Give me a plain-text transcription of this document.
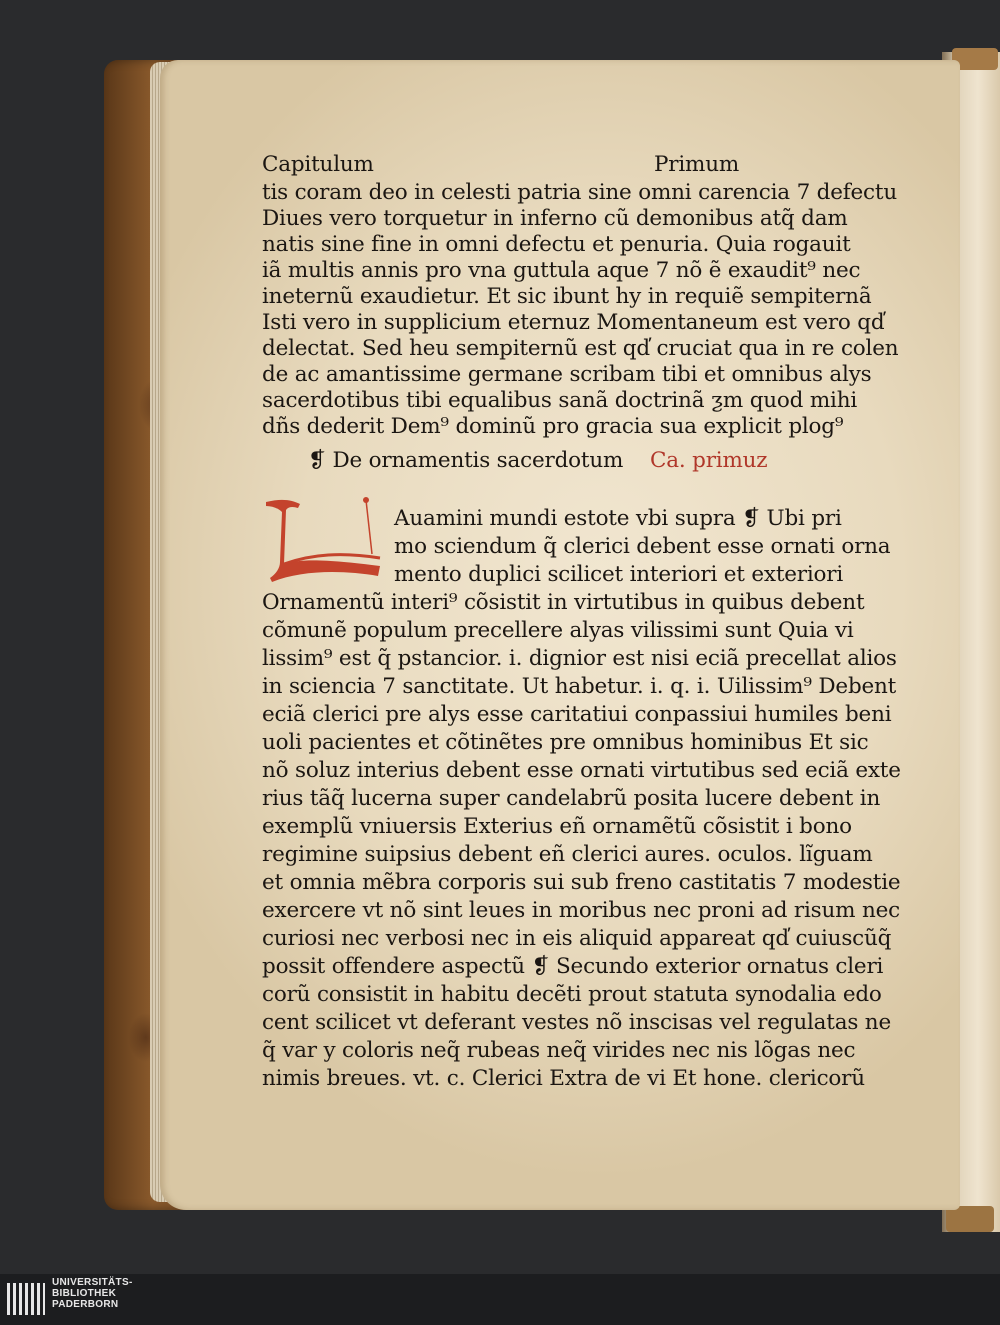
Capitulum	Primum
tis coram deo in celesti patria sine omni carencia 7 defectu
Diues vero torquetur in inferno cũ demonibus atq̃ dam
natis sine fine in omni defectu et penuria. Quia rogauit
iã multis annis pro vna guttula aque 7 nõ ẽ exaudit⁹ nec
ineternũ exaudietur. Et sic ibunt hy in requiẽ sempiternã
Isti vero in supplicium eternuz Momentaneum est vero qd̕
delectat. Sed heu sempiternũ est qd̕ cruciat qua in re colen
de ac amantissime germane scribam tibi et omnibus alys
sacerdotibus tibi equalibus sanã doctrinã ƺm quod mihi
dñs dederit Dem⁹ dominũ pro gracia sua explicit plog⁹
❡ De ornamentis sacerdotum Ca. primuz
Auamini mundi estote vbi supra ❡ Ubi pri
mo sciendum q̃ clerici debent esse ornati orna
mento duplici scilicet interiori et exteriori
Ornamentũ interi⁹ cõsistit in virtutibus in quibus debent
cõmunẽ populum precellere alyas vilissimi sunt Quia vi
lissim⁹ est q̃ pstancior. i. dignior est nisi eciã precellat alios
in sciencia 7 sanctitate. Ut habetur. i. q. i. Uilissim⁹ Debent
eciã clerici pre alys esse caritatiui conpassiui humiles beni
uoli pacientes et cõtinẽtes pre omnibus hominibus Et sic
nõ soluz interius debent esse ornati virtutibus sed eciã exte
rius tãq̃ lucerna super candelabrũ posita lucere debent in
exemplũ vniuersis Exterius eñ ornamẽtũ cõsistit i bono
regimine suipsius debent eñ clerici aures. oculos. lĩguam
et omnia mẽbra corporis sui sub freno castitatis 7 modestie
exercere vt nõ sint leues in moribus nec proni ad risum nec
curiosi nec verbosi nec in eis aliquid appareat qd̕ cuiuscũq̃
possit offendere aspectũ ❡ Secundo exterior ornatus cleri
corũ consistit in habitu decẽti prout statuta synodalia edo
cent scilicet vt deferant vestes nõ inscisas vel regulatas ne
q̃ var y coloris neq̃ rubeas neq̃ virides nec nis lõgas nec
nimis breues. vt. c. Clerici Extra de vi Et hone. clericorũ
UNIVERSITÄTS-
BIBLIOTHEK
PADERBORN
